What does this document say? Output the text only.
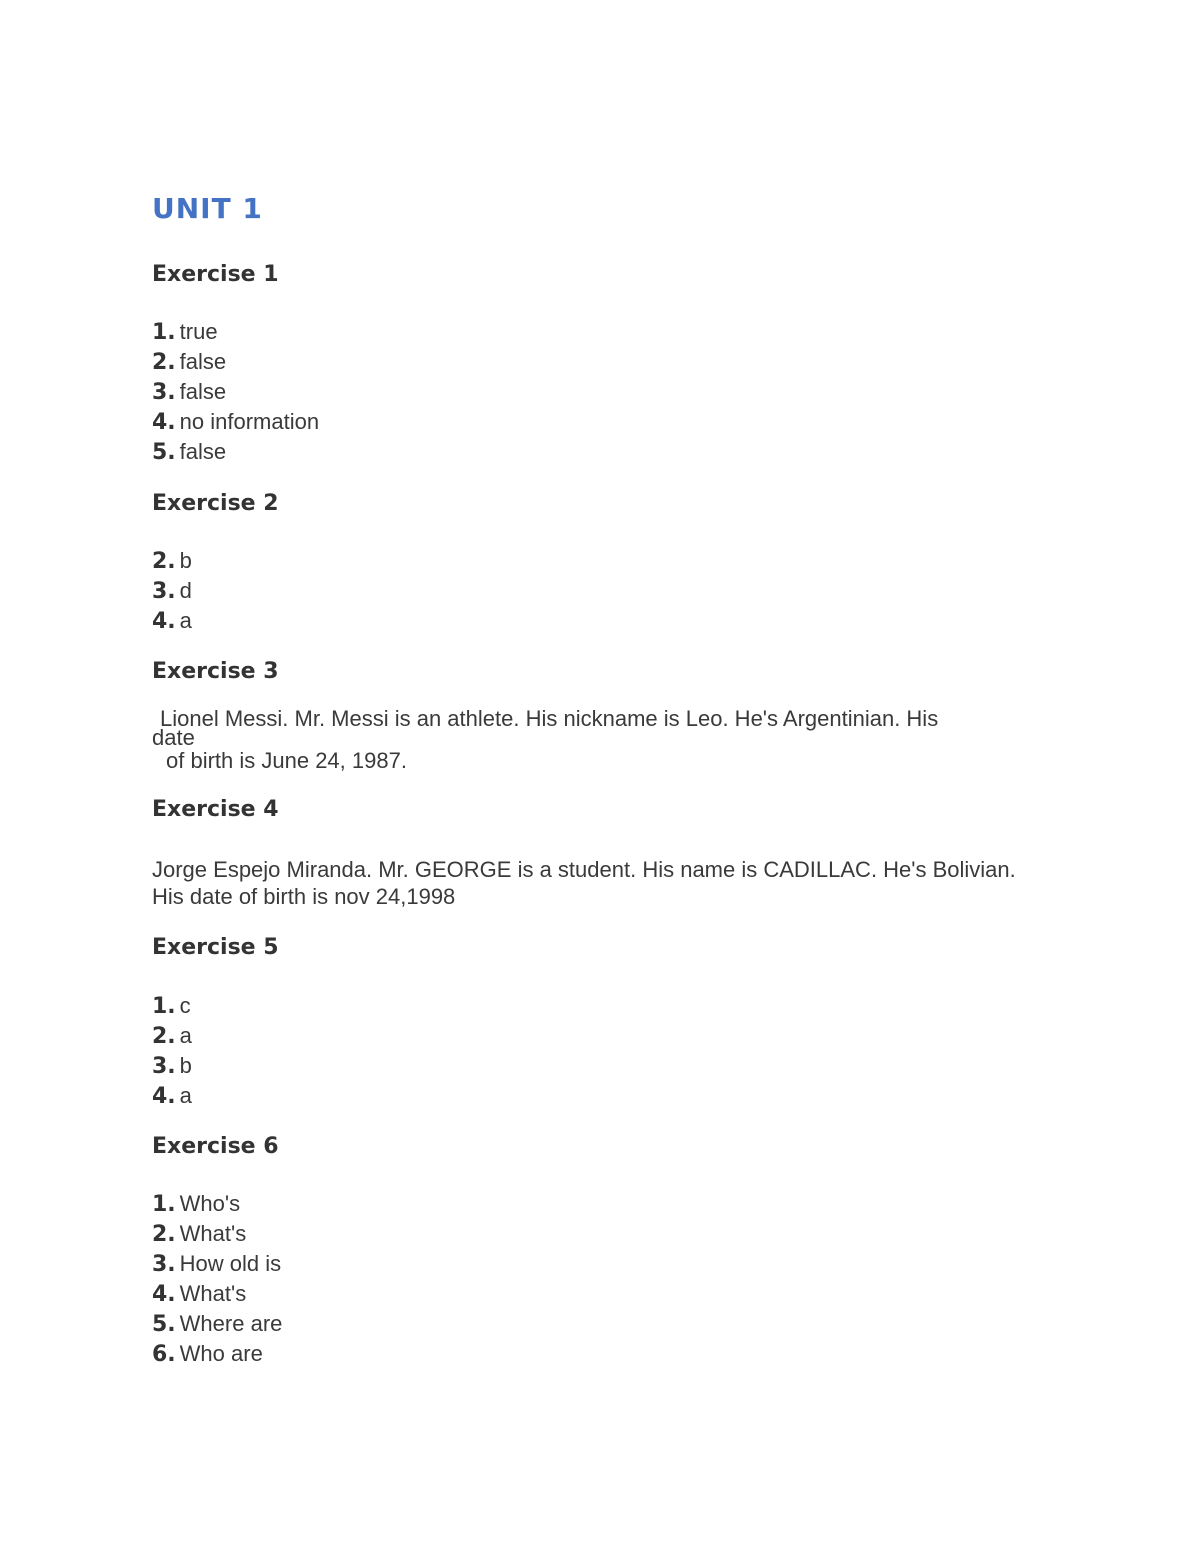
UNIT 1
Exercise 1
1. true
2. false
3. false
4. no information
5. false
Exercise 2
2. b
3. d
4. a
Exercise 3
Lionel Messi. Mr. Messi is an athlete. His nickname is Leo. He's Argentinian. His
date
of birth is June 24, 1987.
Exercise 4

Jorge Espejo Miranda. Mr. GEORGE is a student. His name is CADILLAC. He's Bolivian. His date of birth is nov 24,1998

Exercise 5
1. c
2. a
3. b
4. a
Exercise 6
1. Who's
2. What's
3. How old is
4. What's
5. Where are
6. Who are
